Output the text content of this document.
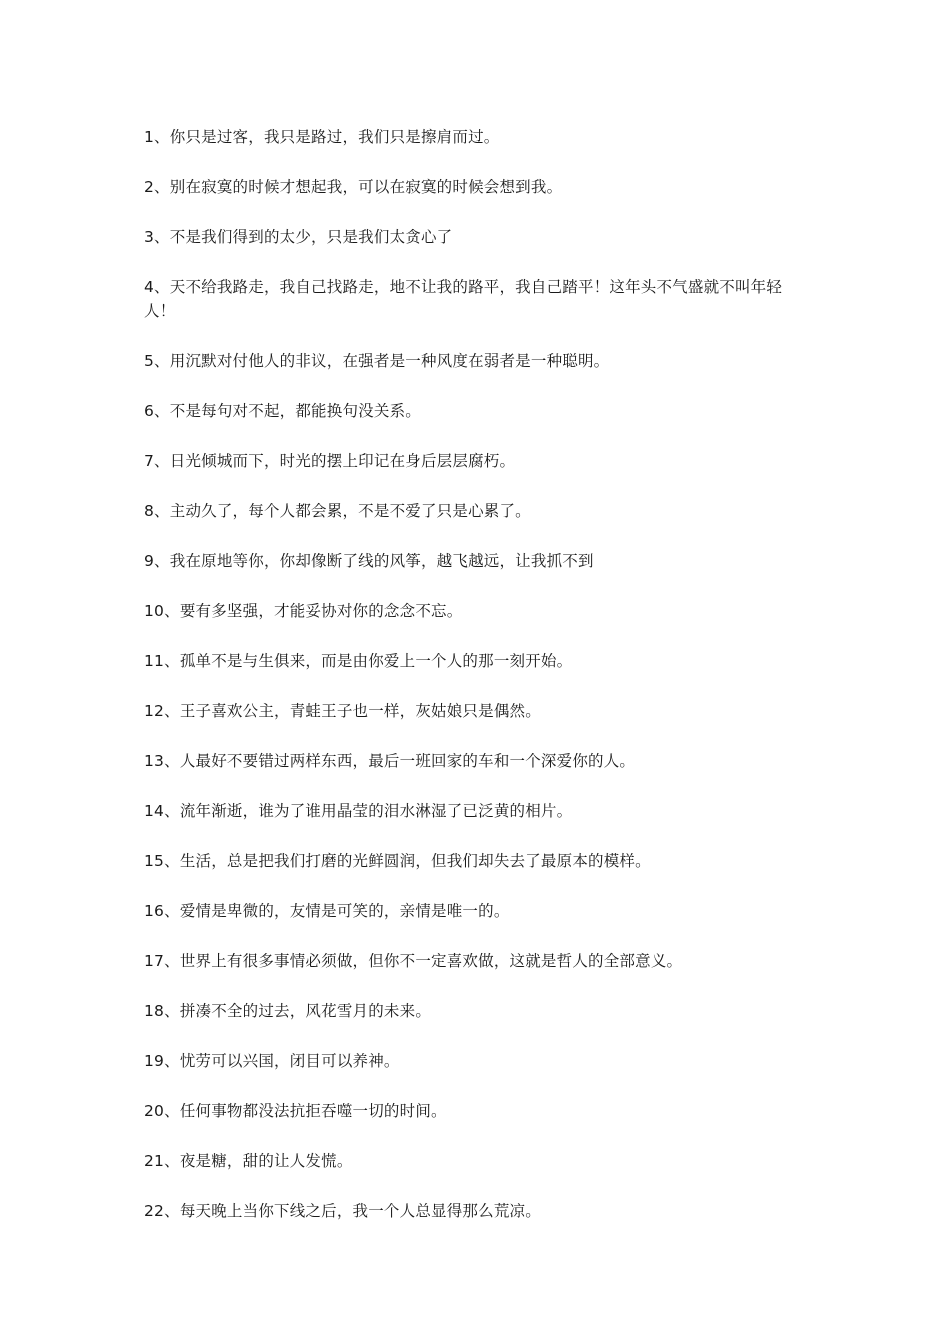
1、你只是过客，我只是路过，我们只是擦肩而过。
2、别在寂寞的时候才想起我，可以在寂寞的时候会想到我。
3、不是我们得到的太少，只是我们太贪心了
4、天不给我路走，我自己找路走，地不让我的路平，我自己踏平！这年头不气盛就不叫年轻人！
5、用沉默对付他人的非议，在强者是一种风度在弱者是一种聪明。
6、不是每句对不起，都能换句没关系。
7、日光倾城而下，时光的摆上印记在身后层层腐朽。
8、主动久了，每个人都会累，不是不爱了只是心累了。
9、我在原地等你，你却像断了线的风筝，越飞越远，让我抓不到
10、要有多坚强，才能妥协对你的念念不忘。
11、孤单不是与生俱来，而是由你爱上一个人的那一刻开始。
12、王子喜欢公主，青蛙王子也一样，灰姑娘只是偶然。
13、人最好不要错过两样东西，最后一班回家的车和一个深爱你的人。
14、流年渐逝，谁为了谁用晶莹的泪水淋湿了已泛黄的相片。
15、生活，总是把我们打磨的光鲜圆润，但我们却失去了最原本的模样。
16、爱情是卑微的，友情是可笑的，亲情是唯一的。
17、世界上有很多事情必须做，但你不一定喜欢做，这就是哲人的全部意义。
18、拼凑不全的过去，风花雪月的未来。
19、忧劳可以兴国，闭目可以养神。
20、任何事物都没法抗拒吞噬一切的时间。
21、夜是糖，甜的让人发慌。
22、每天晚上当你下线之后，我一个人总显得那么荒凉。
